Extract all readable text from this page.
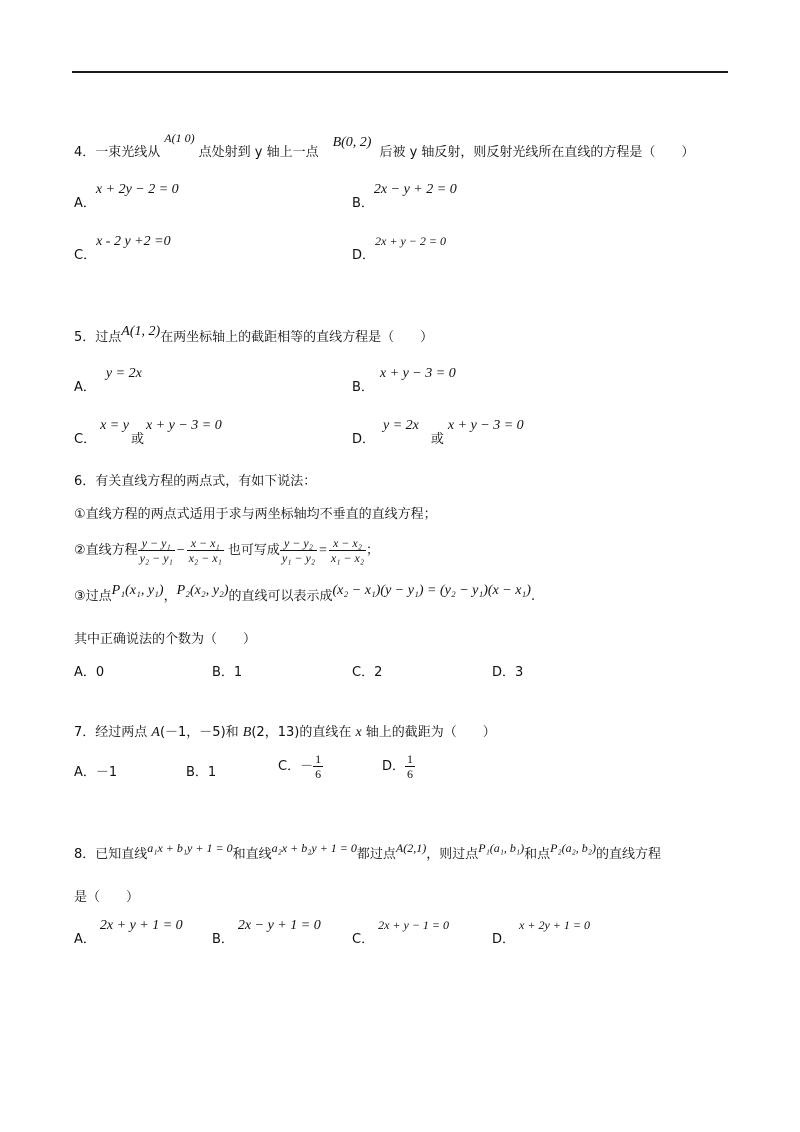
4．一束光线从A(1 0)点处射到 y 轴上一点B(0, 2)后被 y 轴反射，则反射光线所在直线的方程是（　　）
A．x + 2y − 2 = 0
B．2x − y + 2 = 0
C．x - 2 y +2 =0
D．2x + y − 2 = 0
5．过点A(1, 2)在两坐标轴上的截距相等的直线方程是（　　）
A．y = 2x
B．x + y − 3 = 0
C．x = y或x + y − 3 = 0
D．y = 2x或x + y − 3 = 0
6．有关直线方程的两点式，有如下说法：
①直线方程的两点式适用于求与两坐标轴均不垂直的直线方程；
②直线方程 $\frac{\text{y − y₁}}{\text{y₂ − y₁}} - \frac{\text{x − x₁}}{\text{x₂ − x₁}}$ 也可写成 $\frac{\text{y − y₂}}{\text{y₁ − y₂}} = \frac{\text{x − x₂}}{\text{x₁ − x₂}}$ ；
③过点P₁(x₁, y₁)，P₂(x₂, y₂)的直线可以表示成(x₂ − x₁)(y − y₁) = (y₂ − y₁)(x − x₁).
其中正确说法的个数为（　　）
A．0	B．1	C．2	D．3
7．经过两点 A(－1，－5)和 B(2，13)的直线在 x 轴上的截距为（　　）
A．－1	B．1	C．－ $\frac{1}{6}$	D． $\frac{1}{6}$
8．已知直线a₁x + b₁y + 1 = 0和直线a₂x + b₂y + 1 = 0都过点A(2,1)，则过点P₁(a₁, b₁)和点P₂(a₂, b₂)的直线方程
是（　　）
A．2x + y + 1 = 0
B．2x − y + 1 = 0
C．2x + y − 1 = 0
D．x + 2y + 1 = 0
